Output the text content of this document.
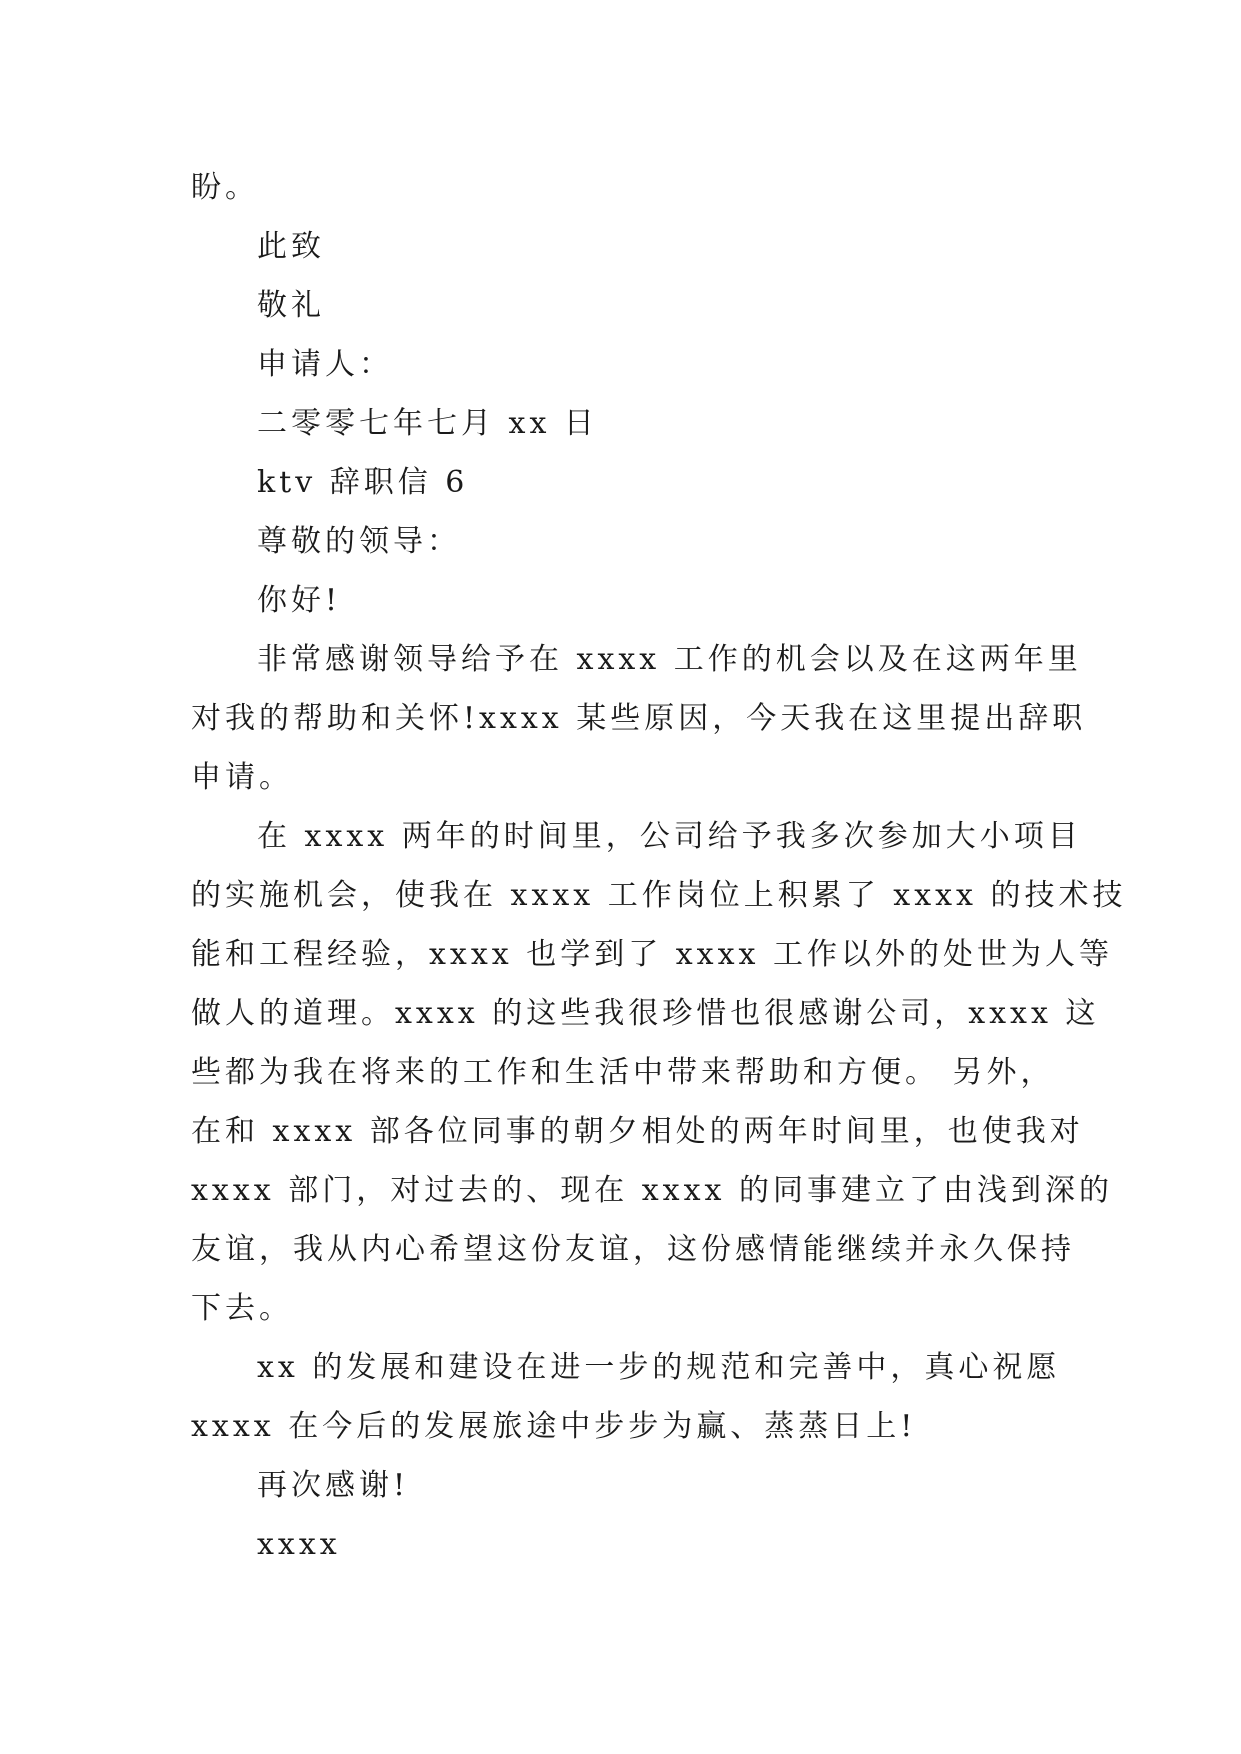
盼。

此致

敬礼

申请人：

二零零七年七月 xx 日

ktv 辞职信 6

尊敬的领导：

你好!

非常感谢领导给予在 xxxx 工作的机会以及在这两年里

对我的帮助和关怀!xxxx 某些原因，今天我在这里提出辞职

申请。

在 xxxx 两年的时间里，公司给予我多次参加大小项目

的实施机会，使我在 xxxx 工作岗位上积累了 xxxx 的技术技

能和工程经验，xxxx 也学到了 xxxx 工作以外的处世为人等

做人的道理。xxxx 的这些我很珍惜也很感谢公司，xxxx 这

些都为我在将来的工作和生活中带来帮助和方便。 另外，

在和 xxxx 部各位同事的朝夕相处的两年时间里，也使我对

xxxx 部门，对过去的、现在 xxxx 的同事建立了由浅到深的

友谊，我从内心希望这份友谊，这份感情能继续并永久保持

下去。

xx 的发展和建设在进一步的规范和完善中，真心祝愿

xxxx 在今后的发展旅途中步步为赢、蒸蒸日上!

再次感谢!

xxxx
